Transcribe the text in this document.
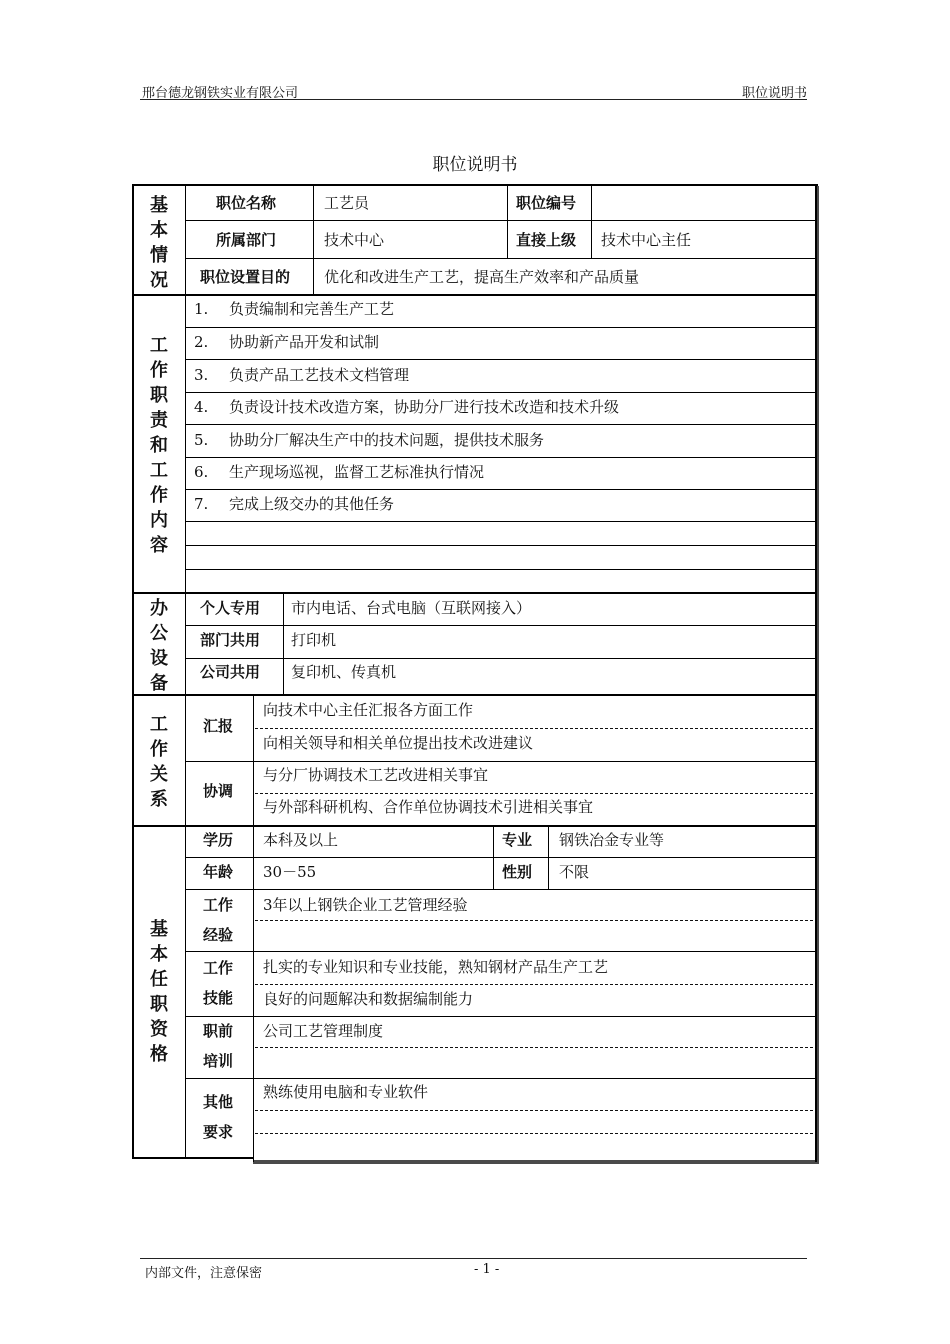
邢台德龙钢铁实业有限公司	职位说明书
职位说明书
基
本
情
况
职位名称	工艺员	职位编号
所属部门	技术中心	直接上级 技术中心主任
职位设置目的 优化和改进生产工艺，提高生产效率和产品质量
工
作
职
责
和
工
作
内
容
1. 负责编制和完善生产工艺
2. 协助新产品开发和试制
3. 负责产品工艺技术文档管理
4. 负责设计技术改造方案，协助分厂进行技术改造和技术升级
5. 协助分厂解决生产中的技术问题，提供技术服务
6. 生产现场巡视，监督工艺标准执行情况
7. 完成上级交办的其他任务
办
公
设
备
个人专用 市内电话、台式电脑（互联网接入）
部门共用 打印机
公司共用 复印机、传真机
工
作
关
系
汇报
向技术中心主任汇报各方面工作
向相关领导和相关单位提出技术改进建议
协调
与分厂协调技术工艺改进相关事宜
与外部科研机构、合作单位协调技术引进相关事宜
基
本
任
职
资
格
学历 本科及以上	专业 钢铁冶金专业等
年龄 30－55	性别 不限
工作
经验
3年以上钢铁企业工艺管理经验
工作
技能
扎实的专业知识和专业技能，熟知钢材产品生产工艺
良好的问题解决和数据编制能力
职前
培训
公司工艺管理制度
其他
要求
熟练使用电脑和专业软件
内部文件，注意保密	- 1 -
